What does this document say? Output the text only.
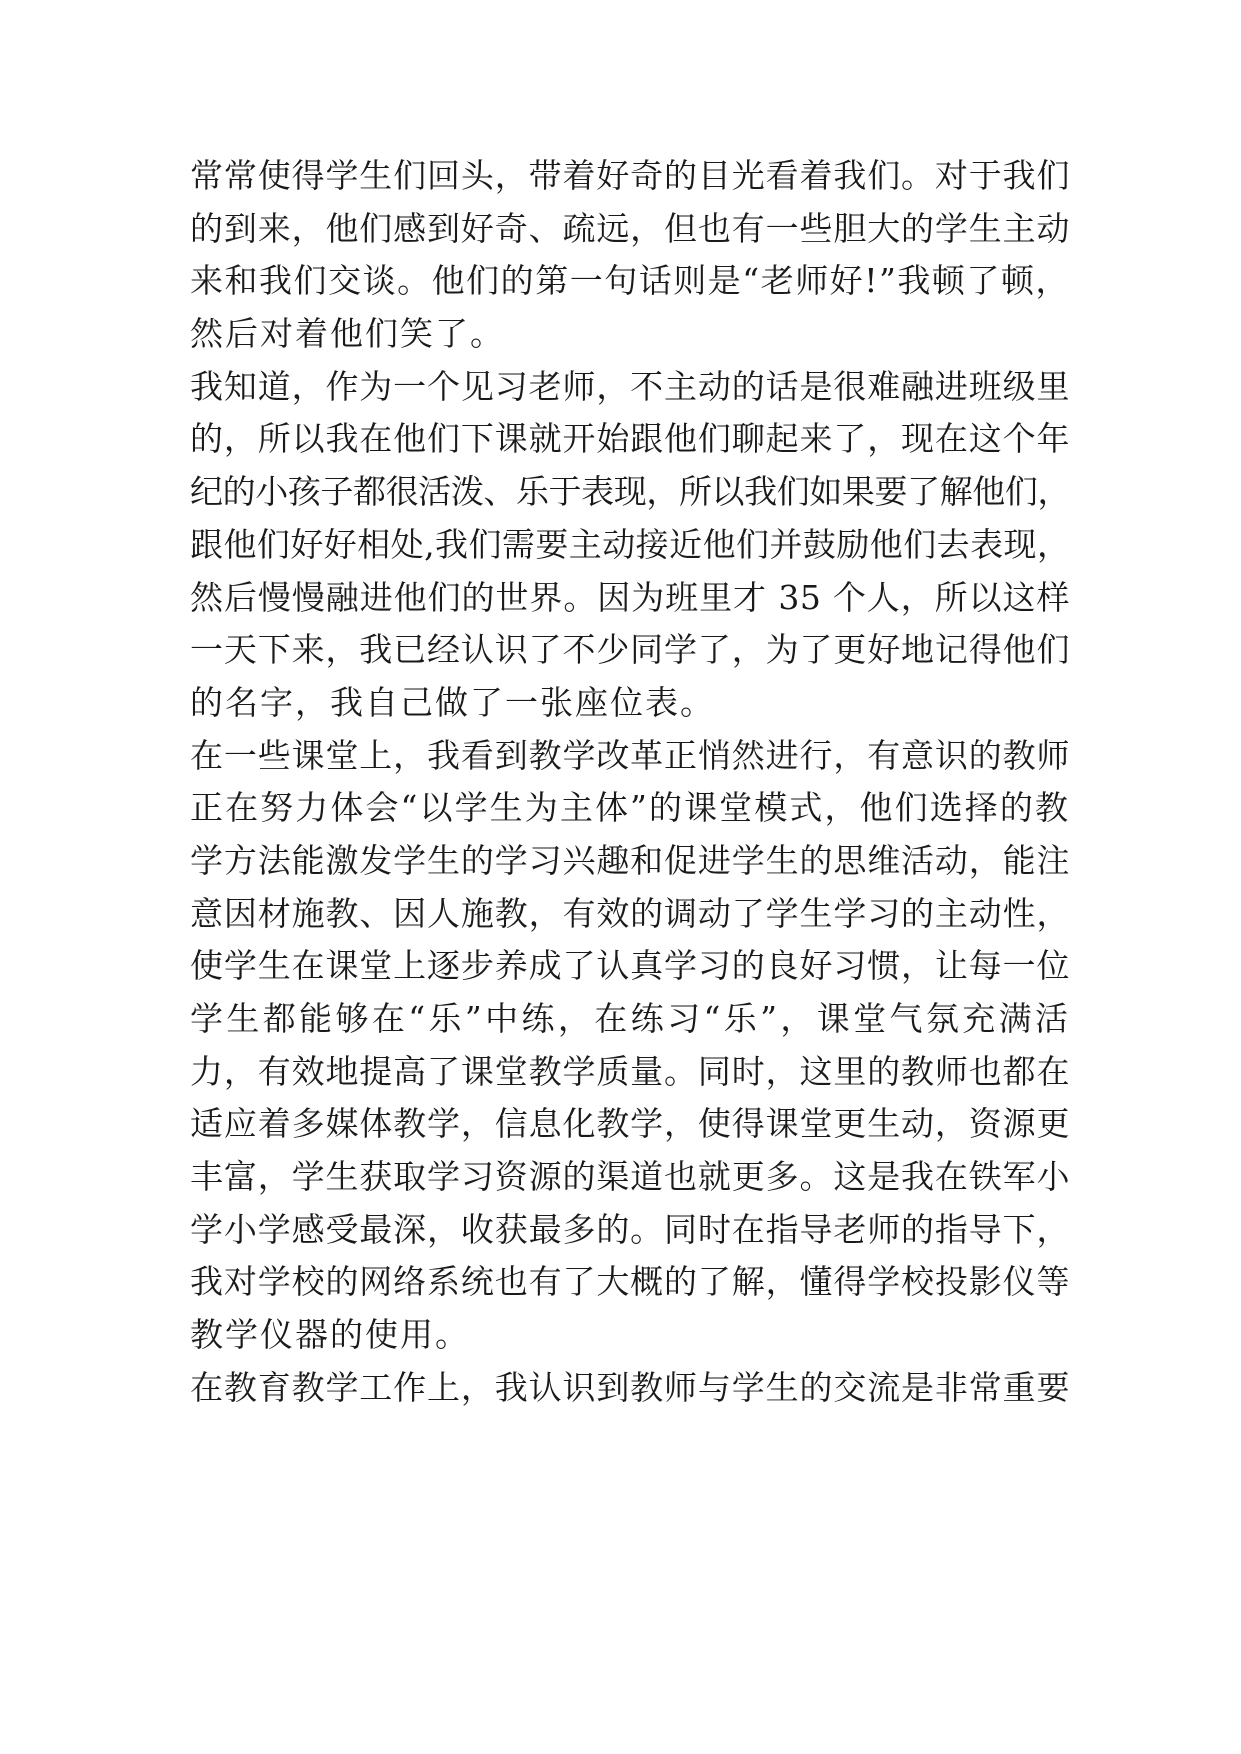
常常使得学生们回头，带着好奇的目光看着我们。对于我们
的到来，他们感到好奇、疏远，但也有一些胆大的学生主动
来和我们交谈。他们的第一句话则是“老师好!”我顿了顿，
然后对着他们笑了。
我知道，作为一个见习老师，不主动的话是很难融进班级里
的，所以我在他们下课就开始跟他们聊起来了，现在这个年
纪的小孩子都很活泼、乐于表现，所以我们如果要了解他们，
跟他们好好相处,我们需要主动接近他们并鼓励他们去表现，
然后慢慢融进他们的世界。因为班里才 35 个人，所以这样
一天下来，我已经认识了不少同学了，为了更好地记得他们
的名字，我自己做了一张座位表。
在一些课堂上，我看到教学改革正悄然进行，有意识的教师
正在努力体会“以学生为主体”的课堂模式，他们选择的教
学方法能激发学生的学习兴趣和促进学生的思维活动，能注
意因材施教、因人施教，有效的调动了学生学习的主动性，
使学生在课堂上逐步养成了认真学习的良好习惯，让每一位
学生都能够在“乐”中练，在练习“乐”，课堂气氛充满活
力，有效地提高了课堂教学质量。同时，这里的教师也都在
适应着多媒体教学，信息化教学，使得课堂更生动，资源更
丰富，学生获取学习资源的渠道也就更多。这是我在铁军小
学小学感受最深，收获最多的。同时在指导老师的指导下，
我对学校的网络系统也有了大概的了解，懂得学校投影仪等
教学仪器的使用。
在教育教学工作上，我认识到教师与学生的交流是非常重要
